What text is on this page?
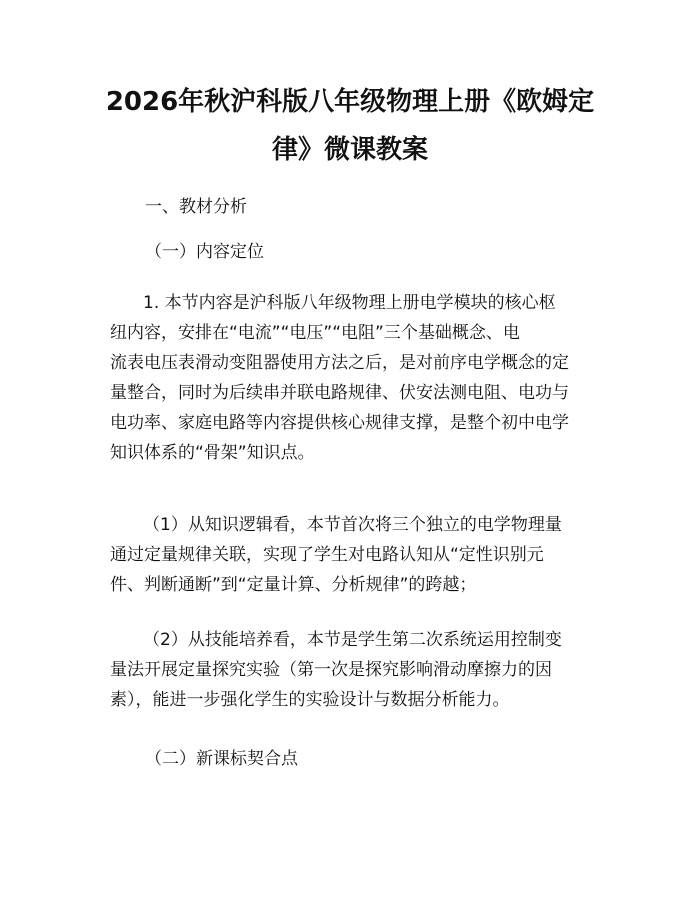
2026年秋沪科版八年级物理上册《欧姆定
律》微课教案

一、教材分析

（一）内容定位

1. 本节内容是沪科版八年级物理上册电学模块的核心枢
纽内容，安排在“电流”“电压”“电阻”三个基础概念、电
流表电压表滑动变阻器使用方法之后，是对前序电学概念的定
量整合，同时为后续串并联电路规律、伏安法测电阻、电功与
电功率、家庭电路等内容提供核心规律支撑，是整个初中电学
知识体系的“骨架”知识点。
（1）从知识逻辑看，本节首次将三个独立的电学物理量
通过定量规律关联，实现了学生对电路认知从“定性识别元
件、判断通断”到“定量计算、分析规律”的跨越；
（2）从技能培养看，本节是学生第二次系统运用控制变
量法开展定量探究实验（第一次是探究影响滑动摩擦力的因
素），能进一步强化学生的实验设计与数据分析能力。

（二）新课标契合点
